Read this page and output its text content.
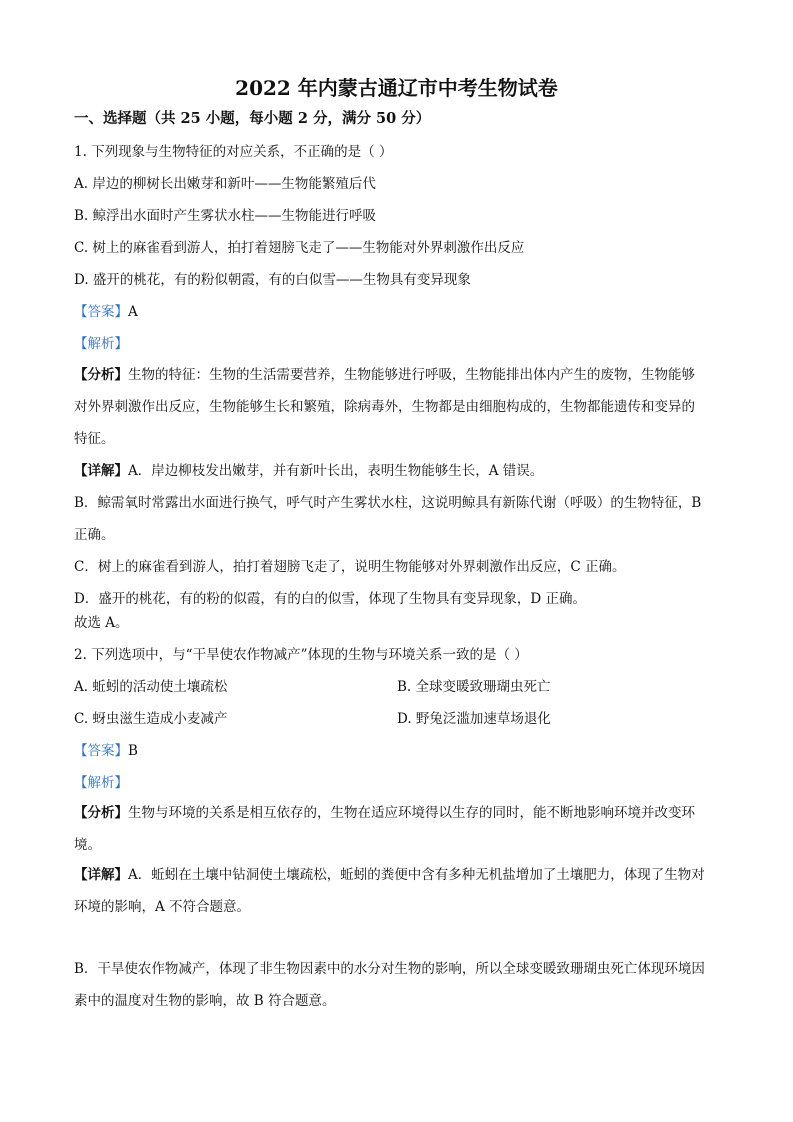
2022 年内蒙古通辽市中考生物试卷
一、选择题（共 25 小题，每小题 2 分，满分 50 分）
1. 下列现象与生物特征的对应关系，不正确的是（ ）
A. 岸边的柳树长出嫩芽和新叶——生物能繁殖后代
B. 鲸浮出水面时产生雾状水柱——生物能进行呼吸
C. 树上的麻雀看到游人，拍打着翅膀飞走了——生物能对外界刺激作出反应
D. 盛开的桃花，有的粉似朝霞，有的白似雪——生物具有变异现象
【答案】A
【解析】
【分析】生物的特征：生物的生活需要营养，生物能够进行呼吸，生物能排出体内产生的废物，生物能够
对外界刺激作出反应，生物能够生长和繁殖，除病毒外，生物都是由细胞构成的，生物都能遗传和变异的
特征。
【详解】A．岸边柳枝发出嫩芽，并有新叶长出，表明生物能够生长，A 错误。
B．鲸需氧时常露出水面进行换气，呼气时产生雾状水柱，这说明鲸具有新陈代谢（呼吸）的生物特征，B
正确。
C．树上的麻雀看到游人，拍打着翅膀飞走了，说明生物能够对外界刺激作出反应，C 正确。
D．盛开的桃花，有的粉的似霞，有的白的似雪，体现了生物具有变异现象，D 正确。
故选 A。
2. 下列选项中，与“干旱使农作物减产”体现的生物与环境关系一致的是（ ）
A. 蚯蚓的活动使土壤疏松	B. 全球变暖致珊瑚虫死亡
C. 蚜虫滋生造成小麦减产	D. 野兔泛滥加速草场退化
【答案】B
【解析】
【分析】生物与环境的关系是相互依存的，生物在适应环境得以生存的同时，能不断地影响环境并改变环
境。
【详解】A．蚯蚓在土壤中钻洞使土壤疏松，蚯蚓的粪便中含有多种无机盐增加了土壤肥力，体现了生物对
环境的影响，A 不符合题意。
B．干旱使农作物减产，体现了非生物因素中的水分对生物的影响，所以全球变暖致珊瑚虫死亡体现环境因
素中的温度对生物的影响，故 B 符合题意。
